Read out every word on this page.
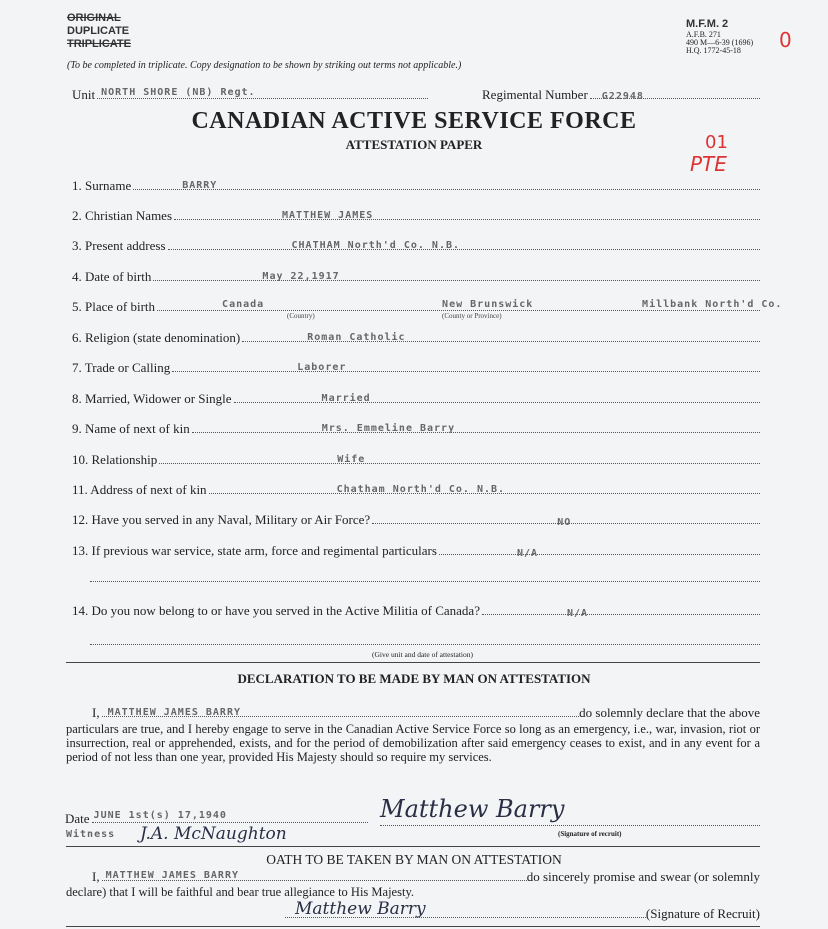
ORIGINAL
DUPLICATE
TRIPLICATE
(To be completed in triplicate. Copy designation to be shown by striking out terms not applicable.)
M.F.M. 2
A.F.B. 271
490 M—6-39 (1696)
H.Q. 1772-45-18	0
Unit NORTH SHORE (NB) Regt.	Regimental Number G22948
CANADIAN ACTIVE SERVICE FORCE
ATTESTATION PAPER	01
PTE
1. Surname	BARRY
2. Christian Names	MATTHEW JAMES
3. Present address	CHATHAM North'd Co. N.B.
4. Date of birth	May 22,1917
5. Place of birth	Canada	New Brunswick	Millbank North'd Co.
(Country)	(County or Province)
6. Religion (state denomination)	Roman Catholic
7. Trade or Calling	Laborer
8. Married, Widower or Single	Married
9. Name of next of kin	Mrs. Emmeline Barry
10. Relationship	Wife
11. Address of next of kin	Chatham North'd Co. N.B.
12. Have you served in any Naval, Military or Air Force?	NO
13. If previous war service, state arm, force and regimental particulars	N/A
14. Do you now belong to or have you served in the Active Militia of Canada?	N/A
(Give unit and date of attestation)
DECLARATION TO BE MADE BY MAN ON ATTESTATION
I, MATTHEW JAMES BARRY	do solemnly declare that the above
particulars are true, and I hereby engage to serve in the Canadian Active Service Force so long as an emergency, i.e., war, invasion, riot or insurrection, real or apprehended, exists, and for the period of demobilization after said emergency ceases to exist, and in any event for a period of not less than one year, provided His Majesty should so require my services.
Matthew Barry
Date JUNE 1st(s) 17,1940
(Signature of recruit)
Witness J.A. McNaughton
OATH TO BE TAKEN BY MAN ON ATTESTATION
I, MATTHEW JAMES BARRY	do sincerely promise and swear (or solemnly
declare) that I will be faithful and bear true allegiance to His Majesty.
Matthew Barry	(Signature of Recruit)
